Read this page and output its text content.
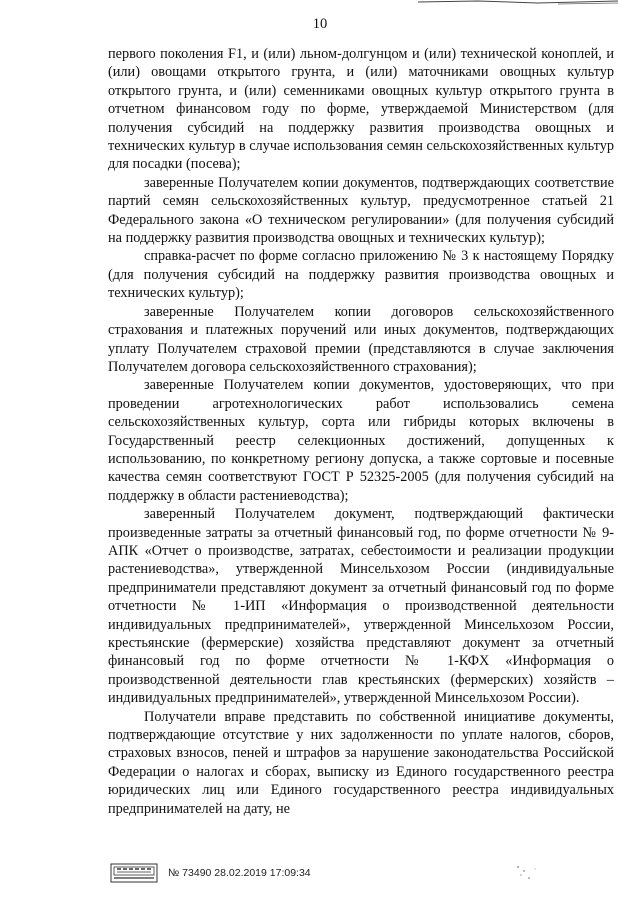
10

первого поколения F1, и (или) льном-долгунцом и (или) технической коноплей, и (или) овощами открытого грунта, и (или) маточниками овощных культур открытого грунта, и (или) семенниками овощных культур открытого грунта в отчетном финансовом году по форме, утверждаемой Министерством (для получения субсидий на поддержку развития производства овощных и технических культур в случае использования семян сельскохозяйственных культур для посадки (посева);

заверенные Получателем копии документов, подтверждающих соответствие партий семян сельскохозяйственных культур, предусмотренное статьей 21 Федерального закона «О техническом регулировании» (для получения субсидий на поддержку развития производства овощных и технических культур);

справка-расчет по форме согласно приложению № 3 к настоящему Порядку (для получения субсидий на поддержку развития производства овощных и технических культур);

заверенные Получателем копии договоров сельскохозяйственного страхования и платежных поручений или иных документов, подтверждающих уплату Получателем страховой премии (представляются в случае заключения Получателем договора сельскохозяйственного страхования);

заверенные Получателем копии документов, удостоверяющих, что при проведении агротехнологических работ использовались семена сельскохозяйственных культур, сорта или гибриды которых включены в Государственный реестр селекционных достижений, допущенных к использованию, по конкретному региону допуска, а также сортовые и посевные качества семян соответствуют ГОСТ Р 52325-2005 (для получения субсидий на поддержку в области растениеводства);

заверенный Получателем документ, подтверждающий фактически произведенные затраты за отчетный финансовый год, по форме отчетности № 9-АПК «Отчет о производстве, затратах, себестоимости и реализации продукции растениеводства», утвержденной Минсельхозом России (индивидуальные предприниматели представляют документ за отчетный финансовый год по форме отчетности № 1-ИП «Информация о производственной деятельности индивидуальных предпринимателей», утвержденной Минсельхозом России, крестьянские (фермерские) хозяйства представляют документ за отчетный финансовый год по форме отчетности № 1-КФХ «Информация о производственной деятельности глав крестьянских (фермерских) хозяйств – индивидуальных предпринимателей», утвержденной Минсельхозом России).

Получатели вправе представить по собственной инициативе документы, подтверждающие отсутствие у них задолженности по уплате налогов, сборов, страховых взносов, пеней и штрафов за нарушение законодательства Российской Федерации о налогах и сборах, выписку из Единого государственного реестра юридических лиц или Единого государственного реестра индивидуальных предпринимателей на дату, не

№ 73490 28.02.2019 17:09:34
